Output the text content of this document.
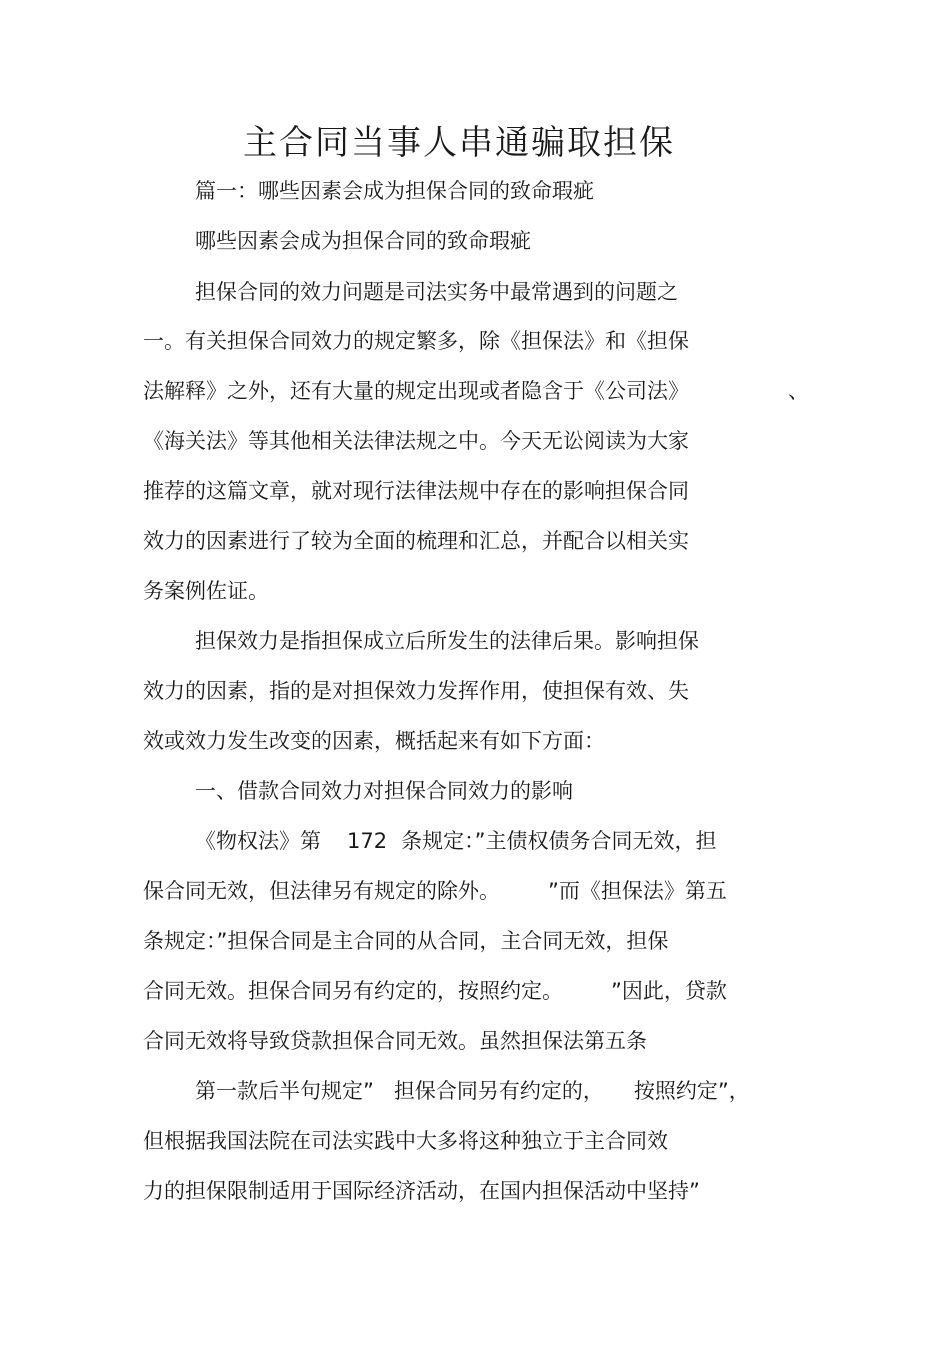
主合同当事人串通骗取担保
篇一：哪些因素会成为担保合同的致命瑕疵
哪些因素会成为担保合同的致命瑕疵
担保合同的效力问题是司法实务中最常遇到的问题之
一。有关担保合同效力的规定繁多，除《担保法》和《担保
法解释》之外，还有大量的规定出现或者隐含于《公司法》	、
《海关法》等其他相关法律法规之中。今天无讼阅读为大家
推荐的这篇文章，就对现行法律法规中存在的影响担保合同
效力的因素进行了较为全面的梳理和汇总，并配合以相关实
务案例佐证。
担保效力是指担保成立后所发生的法律后果。影响担保
效力的因素，指的是对担保效力发挥作用，使担保有效、失
效或效力发生改变的因素，概括起来有如下方面：
一、借款合同效力对担保合同效力的影响
《物权法》第 172 条规定：”主债权债务合同无效，担
保合同无效，但法律另有规定的除外。 ”而《担保法》第五
条规定：”担保合同是主合同的从合同，主合同无效，担保
合同无效。担保合同另有约定的，按照约定。 ”因此，贷款
合同无效将导致贷款担保合同无效。虽然担保法第五条
第一款后半句规定” 担保合同另有约定的， 按照约定”，
但根据我国法院在司法实践中大多将这种独立于主合同效
力的担保限制适用于国际经济活动，在国内担保活动中坚持”
